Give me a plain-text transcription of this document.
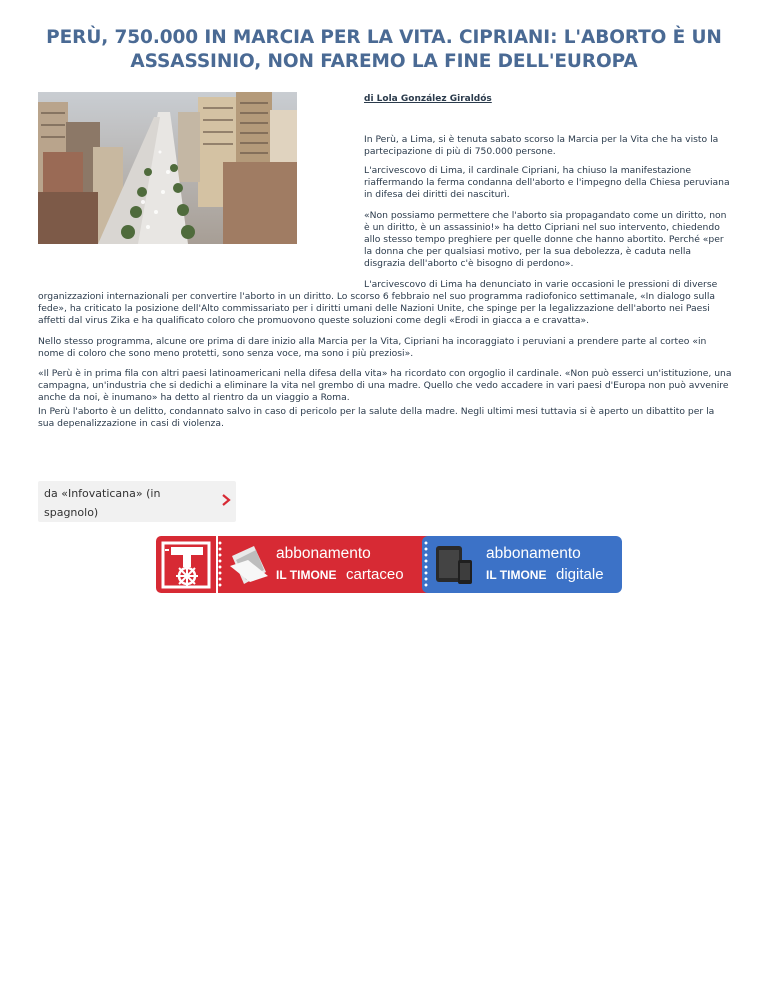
PERÙ, 750.000 IN MARCIA PER LA VITA. CIPRIANI: L'ABORTO È UN ASSASSINIO, NON FAREMO LA FINE DELL'EUROPA

di Lola González Giraldós

In Perù, a Lima, si è tenuta sabato scorso la Marcia per la Vita che ha visto la partecipazione di più di 750.000 persone.

L'arcivescovo di Lima, il cardinale Cipriani, ha chiuso la manifestazione riaffermando la ferma condanna dell'aborto e l'impegno della Chiesa peruviana in difesa dei diritti dei nasciturì.

«Non possiamo permettere che l'aborto sia propagandato come un diritto, non è un diritto, è un assassinio!» ha detto Cipriani nel suo intervento, chiedendo allo stesso tempo preghiere per quelle donne che hanno abortito. Perché «per la donna che per qualsiasi motivo, per la sua debolezza, è caduta nella disgrazia dell'aborto c'è bisogno di perdono».

L'arcivescovo di Lima ha denunciato in varie occasioni le pressioni di diverse organizzazioni internazionali per convertire l'aborto in un diritto. Lo scorso 6 febbraio nel suo programma radiofonico settimanale, «In dialogo sulla fede», ha criticato la posizione dell'Alto commissariato per i diritti umani delle Nazioni Unite, che spinge per la legalizzazione dell'aborto nei Paesi affetti dal virus Zika e ha qualificato coloro che promuovono queste soluzioni come degli «Erodi in giacca a e cravatta».

Nello stesso programma, alcune ore prima di dare inizio alla Marcia per la Vita, Cipriani ha incoraggiato i peruviani a prendere parte al corteo «in nome di coloro che sono meno protetti, sono senza voce, ma sono i più preziosi».

«Il Perù è in prima fila con altri paesi latinoamericani nella difesa della vita» ha ricordato con orgoglio il cardinale. «Non può esserci un'istituzione, una campagna, un'industria che si dedichi a eliminare la vita nel grembo di una madre. Quello che vedo accadere in vari paesi d'Europa non può avvenire anche da noi, è inumano» ha detto al rientro da un viaggio a Roma.

In Perù l'aborto è un delitto, condannato salvo in caso di pericolo per la salute della madre. Negli ultimi mesi tuttavia si è aperto un dibattito per la sua depenalizzazione in casi di violenza.

da «Infovaticana» (in spagnolo)
abbonamento
IL TIMONE cartaceo
abbonamento
IL TIMONE digitale
